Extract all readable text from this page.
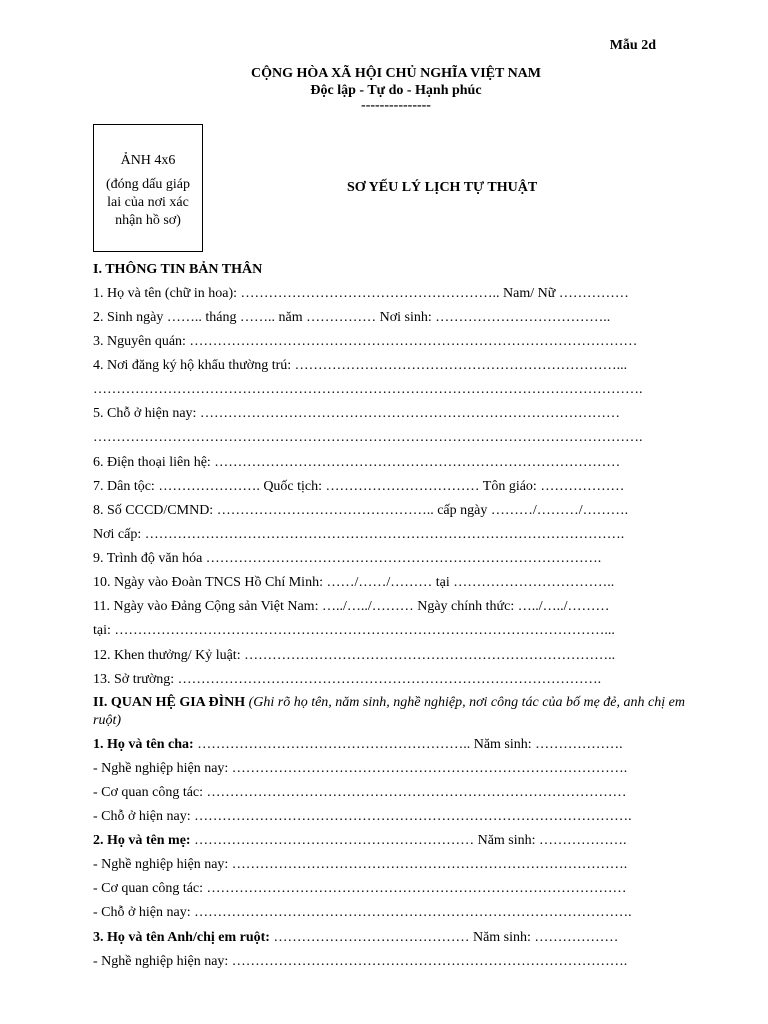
Mẫu 2d
CỘNG HÒA XÃ HỘI CHỦ NGHĨA VIỆT NAM
Độc lập - Tự do - Hạnh phúc
---------------
ẢNH 4x6
(đóng dấu giáp lai của nơi xác nhận hồ sơ)
SƠ YẾU LÝ LỊCH TỰ THUẬT
I. THÔNG TIN BẢN THÂN
1. Họ và tên (chữ in hoa): ……………………………………………….. Nam/ Nữ ……………
2. Sinh ngày …….. tháng …….. năm …………… Nơi sinh: ………………………………..
3. Nguyên quán: ……………………………………………………………………………………
4. Nơi đăng ký hộ khẩu thường trú: ……………………………………………………………...
……………………………………………………………………………………………………….
5. Chỗ ở hiện nay: ………………………………………………………………………………
……………………………………………………………………………………………………….
6. Điện thoại liên hệ: ……………………………………………………………………………
7. Dân tộc: …………………. Quốc tịch: …………………………… Tôn giáo: ………………
8. Số CCCD/CMND: ……………………………………….. cấp ngày ………/………/……….
Nơi cấp: ………………………………………………………………………………………….
9. Trình độ văn hóa ………………………………………………………………………….
10. Ngày vào Đoàn TNCS Hồ Chí Minh: ……/……/……… tại ……………………………..
11. Ngày vào Đảng Cộng sản Việt Nam: …../…../……… Ngày chính thức: …../…../………
tại: ……………………………………………………………………………………………...
12. Khen thưởng/ Kỷ luật: ……………………………………………………………………..
13. Sở trường: ……………………………………………………………………………….
II. QUAN HỆ GIA ĐÌNH (Ghi rõ họ tên, năm sinh, nghề nghiệp, nơi công tác của bố mẹ đẻ, anh chị em ruột)
1. Họ và tên cha: ………………………………………………….. Năm sinh: ……………….
- Nghề nghiệp hiện nay: ………………………………………………………………………….
- Cơ quan công tác: ………………………………………………………………………………
- Chỗ ở hiện nay: ………………………………………………………………………………….
2. Họ và tên mẹ: …………………………………………………… Năm sinh: ……………….
- Nghề nghiệp hiện nay: ………………………………………………………………………….
- Cơ quan công tác: ………………………………………………………………………………
- Chỗ ở hiện nay: ………………………………………………………………………………….
3. Họ và tên Anh/chị em ruột: …………………………………… Năm sinh: ………………
- Nghề nghiệp hiện nay: ………………………………………………………………………….
